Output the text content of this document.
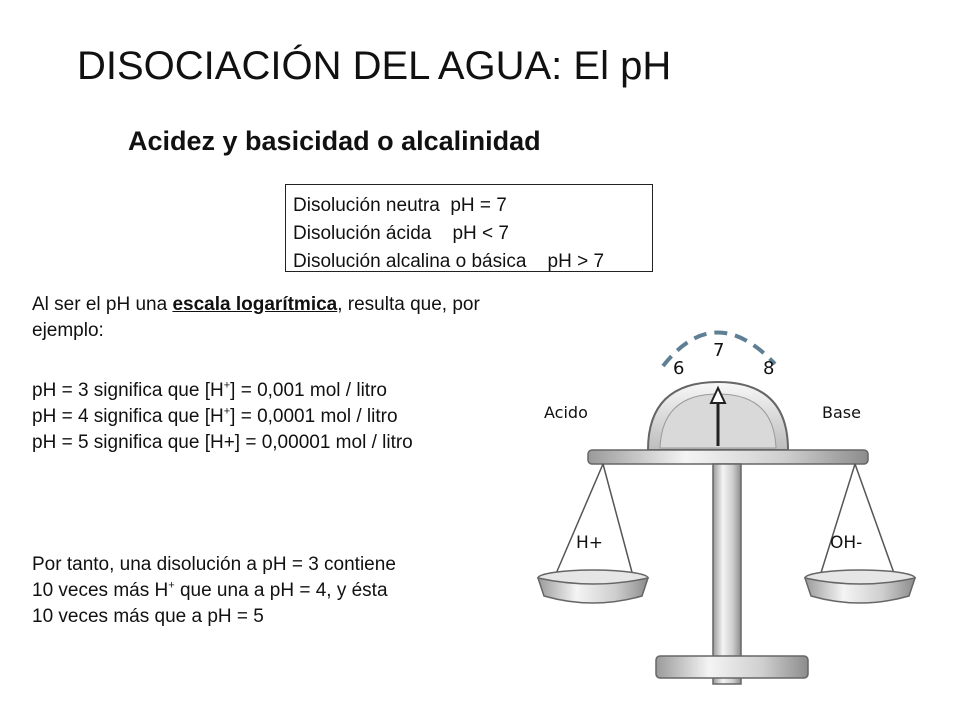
DISOCIACIÓN DEL AGUA: El pH
Acidez y basicidad o alcalinidad
Disolución neutra  pH = 7
Disolución ácida    pH < 7
Disolución alcalina o básica    pH > 7
Al ser el pH una escala logarítmica, resulta que, por ejemplo:
pH = 3 significa que [H+] = 0,001 mol / litro
pH = 4 significa que [H+] = 0,0001 mol / litro
pH = 5 significa que [H+] = 0,00001 mol / litro
Por tanto, una disolución a pH = 3 contiene
10 veces más H+ que una a pH = 4, y ésta
10 veces más que a pH = 5
7
6	8
Acido	Base
H+	OH-
